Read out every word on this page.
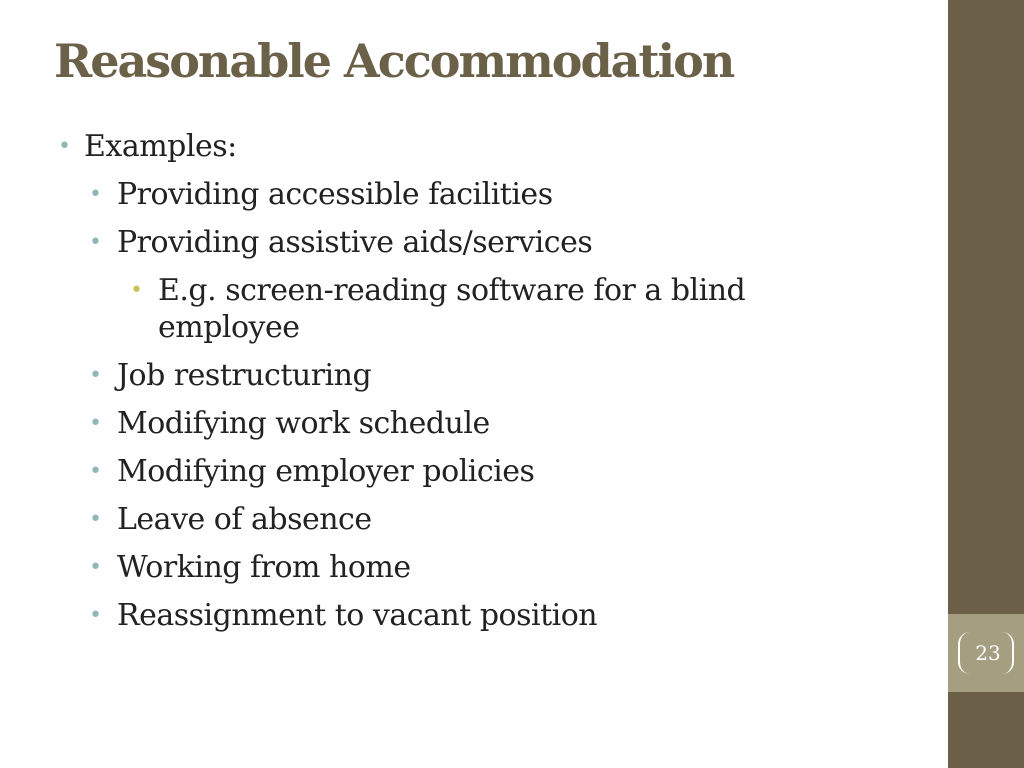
Reasonable Accommodation
• Examples:
• Providing accessible facilities
• Providing assistive aids/services
• E.g. screen-reading software for a blind employee
• Job restructuring
• Modifying work schedule
• Modifying employer policies
• Leave of absence
• Working from home
• Reassignment to vacant position
23
